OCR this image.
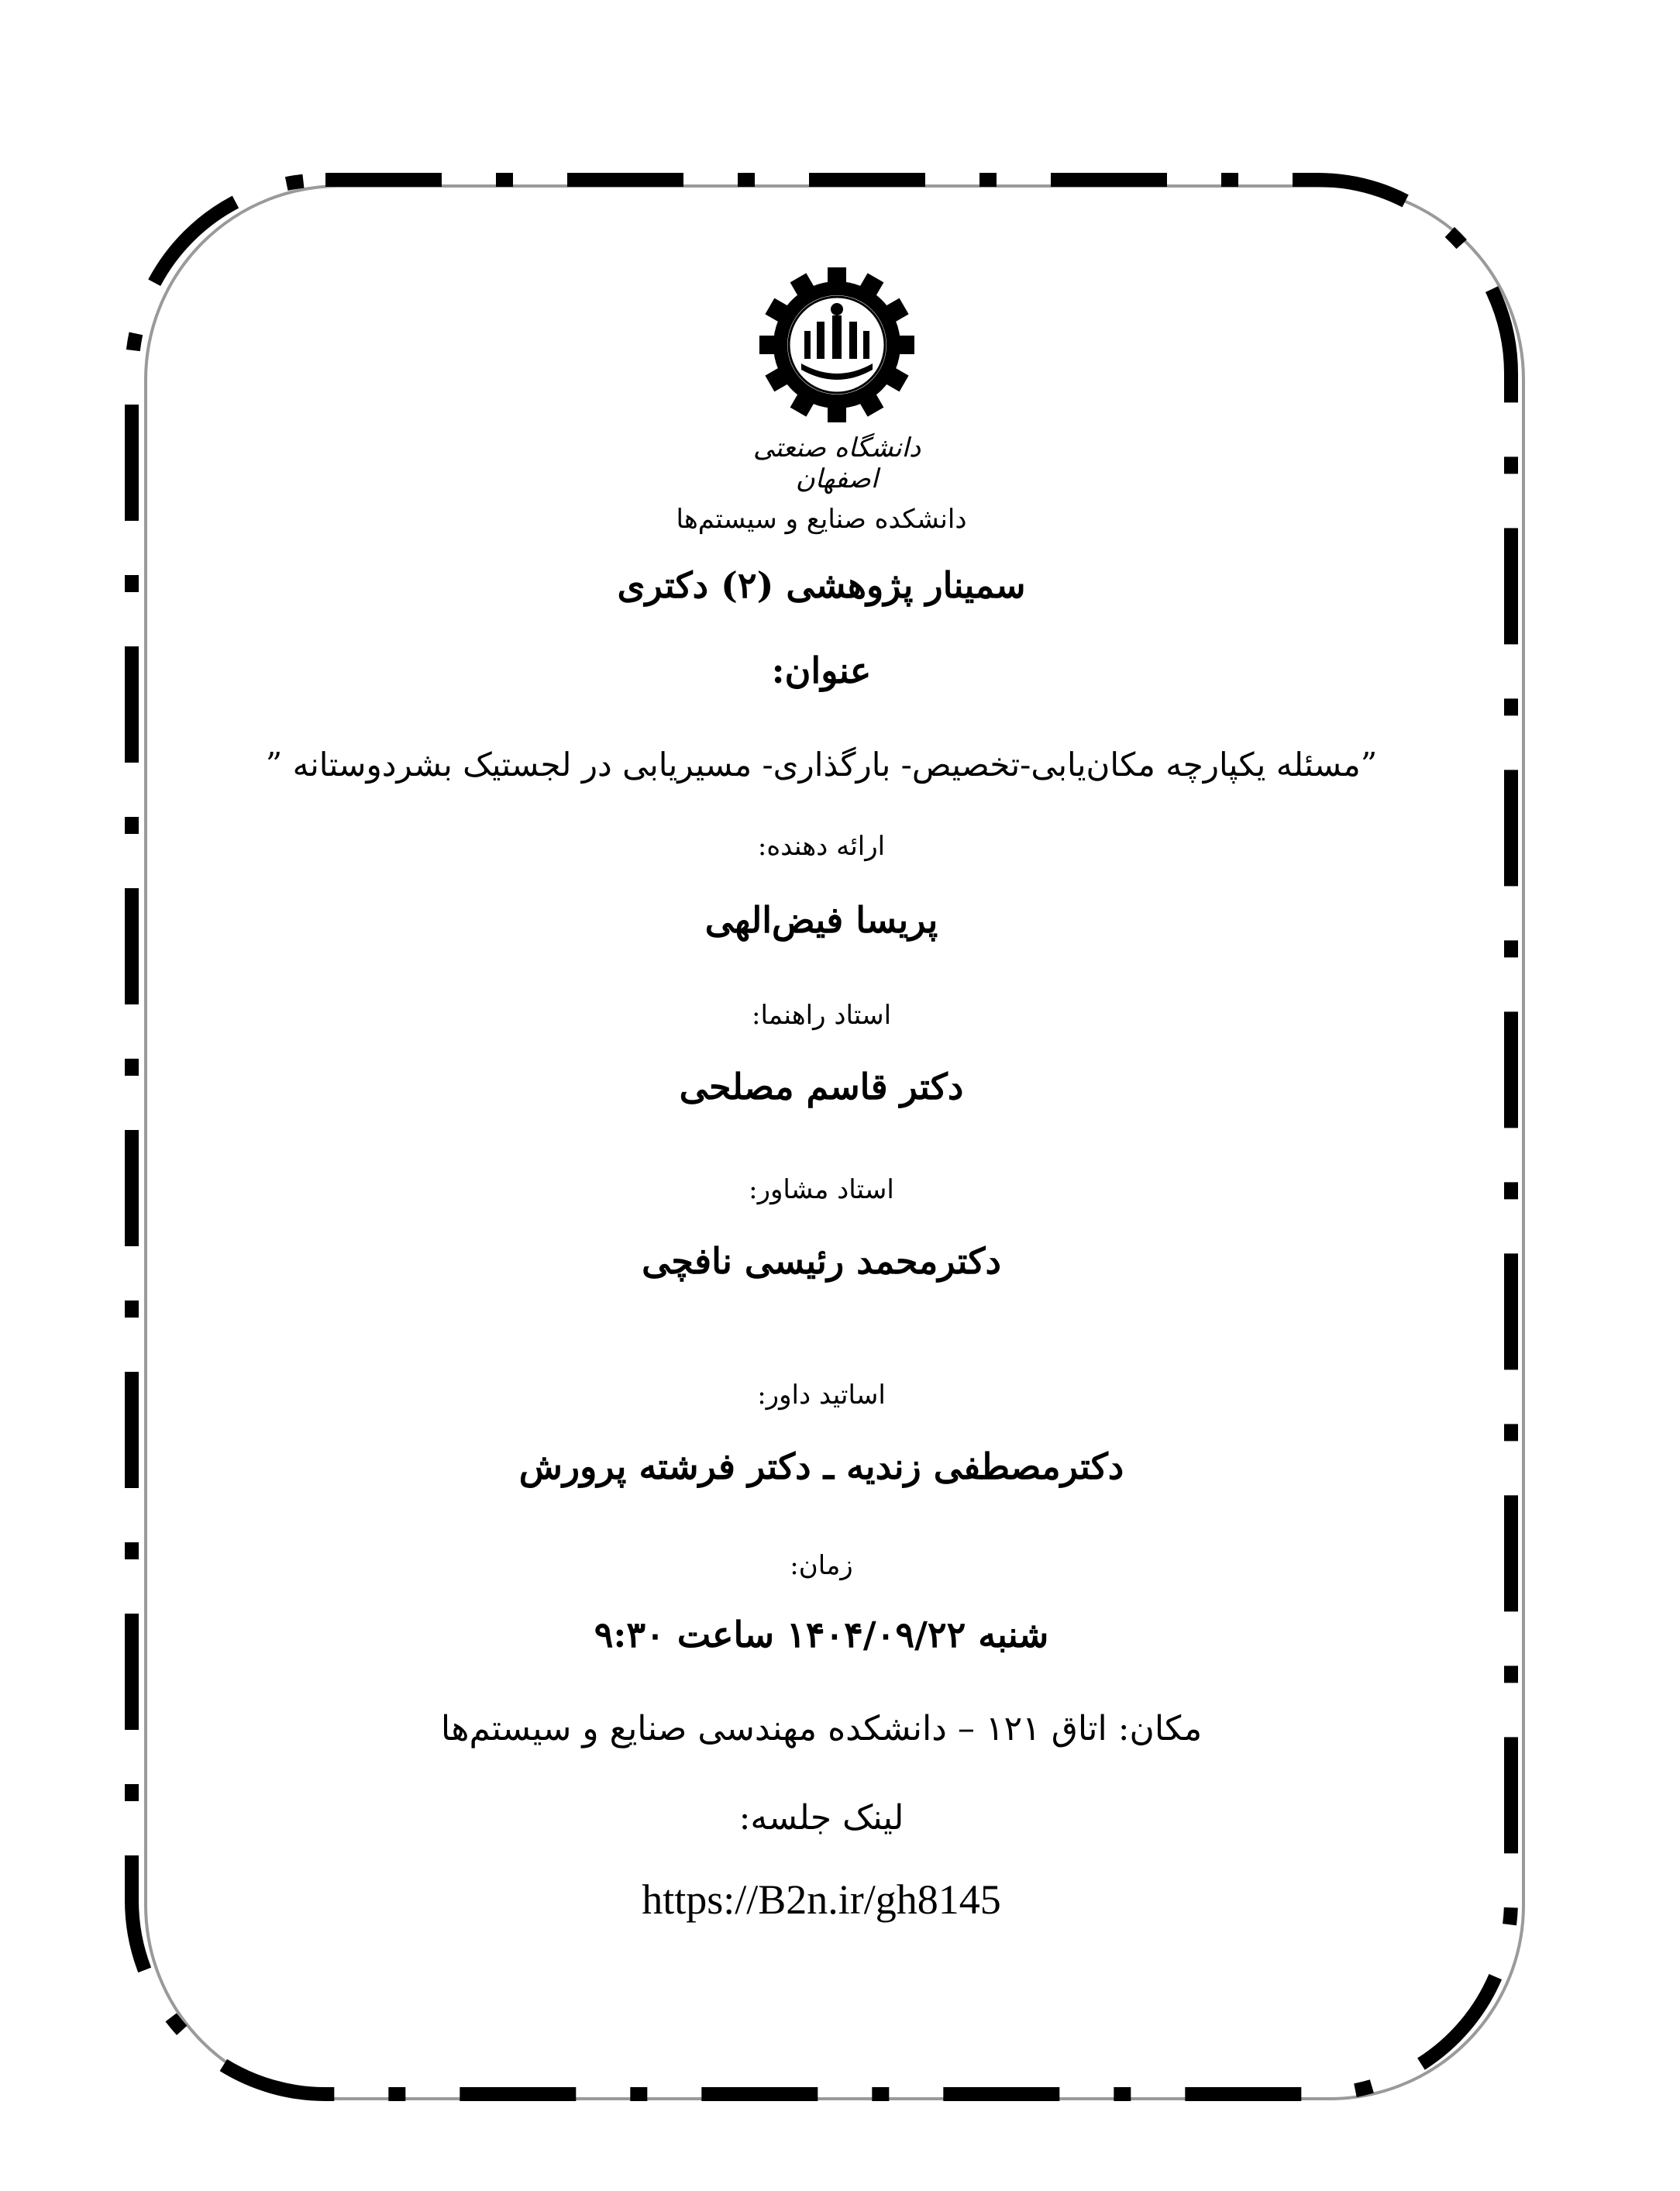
دانشگاه صنعتی اصفهان
دانشکده صنایع و سیستم‌ها
سمینار پژوهشی (۲) دکتری
عنوان:
”مسئله یکپارچه مکان‌یابی-تخصیص- بارگذاری- مسیریابی در لجستیک بشردوستانه ”
ارائه دهنده:
پریسا فیض‌الهی
استاد راهنما:
دکتر قاسم مصلحی
استاد مشاور:
دکترمحمد رئیسی نافچی
اساتید داور:
دکترمصطفی زندیه ـ دکتر فرشته پرورش
زمان:
شنبه ۱۴۰۴/۰۹/۲۲ ساعت ۹:۳۰
مکان: اتاق ۱۲۱ – دانشکده مهندسی صنایع و سیستم‌ها
لینک جلسه:
https://B2n.ir/gh8145
